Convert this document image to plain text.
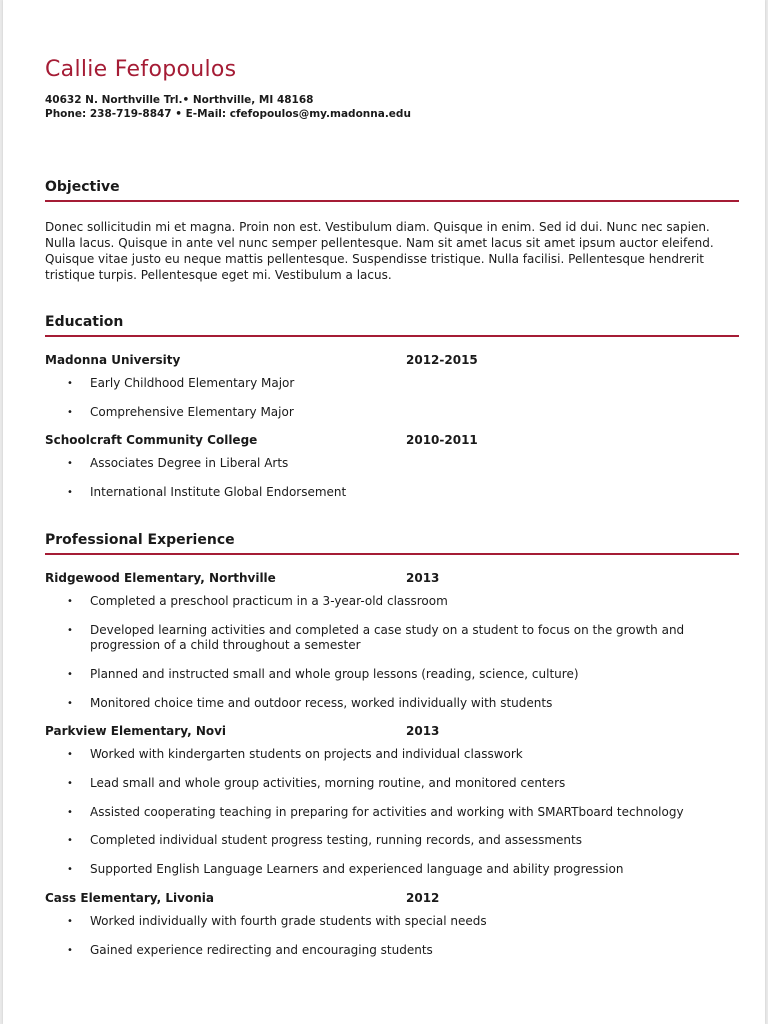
Callie Fefopoulos
40632 N. Northville Trl.• Northville, MI 48168
Phone: 238-719-8847 • E-Mail: cfefopoulos@my.madonna.edu
Objective
Donec sollicitudin mi et magna. Proin non est. Vestibulum diam. Quisque in enim. Sed id dui. Nunc nec sapien. Nulla lacus. Quisque in ante vel nunc semper pellentesque. Nam sit amet lacus sit amet ipsum auctor eleifend. Quisque vitae justo eu neque mattis pellentesque. Suspendisse tristique. Nulla facilisi. Pellentesque hendrerit tristique turpis. Pellentesque eget mi. Vestibulum a lacus.
Education
Madonna University	2012-2015
• Early Childhood Elementary Major
• Comprehensive Elementary Major
Schoolcraft Community College	2010-2011
• Associates Degree in Liberal Arts
• International Institute Global Endorsement
Professional Experience
Ridgewood Elementary, Northville	2013
• Completed a preschool practicum in a 3-year-old classroom
• Developed learning activities and completed a case study on a student to focus on the growth and progression of a child throughout a semester
• Planned and instructed small and whole group lessons (reading, science, culture)
• Monitored choice time and outdoor recess, worked individually with students
Parkview Elementary, Novi	2013
• Worked with kindergarten students on projects and individual classwork
• Lead small and whole group activities, morning routine, and monitored centers
• Assisted cooperating teaching in preparing for activities and working with SMARTboard technology
• Completed individual student progress testing, running records, and assessments
• Supported English Language Learners and experienced language and ability progression
Cass Elementary, Livonia	2012
• Worked individually with fourth grade students with special needs
• Gained experience redirecting and encouraging students
